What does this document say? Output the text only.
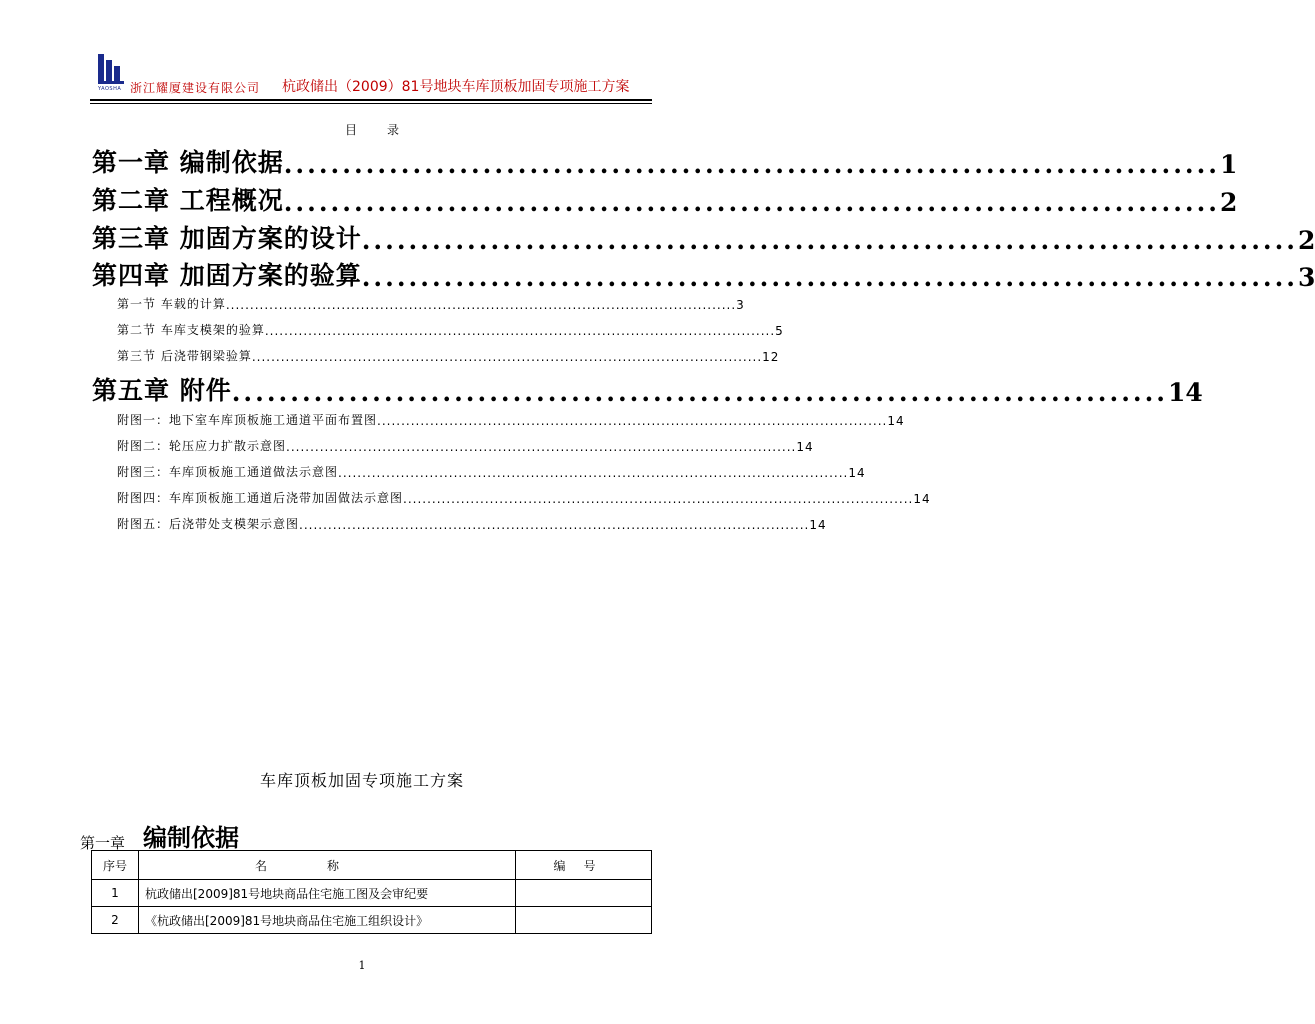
YAOSHA 浙江耀厦建设有限公司 杭政储出（2009）81号地块车库顶板加固专项施工方案
目录
第一章 编制依据 ................................................................................ 1
第二章 工程概况 ................................................................................ 2
第三章 加固方案的设计 ................................................................................ 2
第四章 加固方案的验算 ................................................................................ 3
第一节 车载的计算 .......................................................................................................... 3
第二节 车库支模架的验算 .......................................................................................................... 5
第三节 后浇带钢梁验算 .......................................................................................................... 12
第五章 附件 ................................................................................ 14
附图一：地下室车库顶板施工通道平面布置图 .......................................................................................................... 14
附图二：轮压应力扩散示意图 .......................................................................................................... 14
附图三：车库顶板施工通道做法示意图 .......................................................................................................... 14
附图四：车库顶板施工通道后浇带加固做法示意图 .......................................................................................................... 14
附图五：后浇带处支模架示意图 .......................................................................................................... 14
车库顶板加固专项施工方案
第一章 编制依据
序号	名称	编号
1	杭政储出[2009]81号地块商品住宅施工图及会审纪要	
2	《杭政储出[2009]81号地块商品住宅施工组织设计》	
1
